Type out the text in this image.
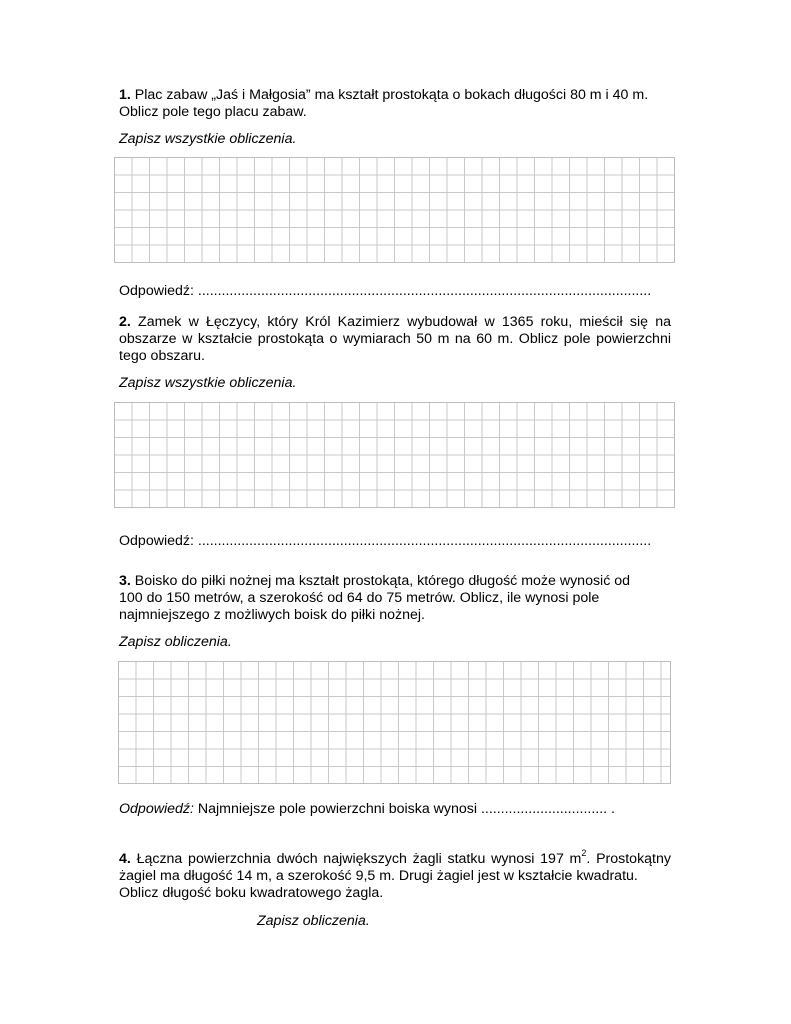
1. Plac zabaw „Jaś i Małgosia” ma kształt prostokąta o bokach długości 80 m i 40 m.
Oblicz pole tego placu zabaw.
Zapisz wszystkie obliczenia.
Odpowiedź: ...................................................................................................................
2. Zamek w Łęczycy, który Król Kazimierz wybudował w 1365 roku, mieścił się na
obszarze w kształcie prostokąta o wymiarach 50 m na 60 m. Oblicz pole powierzchni
tego obszaru.
Zapisz wszystkie obliczenia.
Odpowiedź: ...................................................................................................................
3. Boisko do piłki nożnej ma kształt prostokąta, którego długość może wynosić od
100 do 150 metrów, a szerokość od 64 do 75 metrów. Oblicz, ile wynosi pole
najmniejszego z możliwych boisk do piłki nożnej.
Zapisz obliczenia.
Odpowiedź: Najmniejsze pole powierzchni boiska wynosi ................................ .
4. Łączna powierzchnia dwóch największych żagli statku wynosi 197 $m^2$. Prostokątny
żagiel ma długość 14 m, a szerokość 9,5 m. Drugi żagiel jest w kształcie kwadratu.
Oblicz długość boku kwadratowego żagla.
Zapisz obliczenia.
